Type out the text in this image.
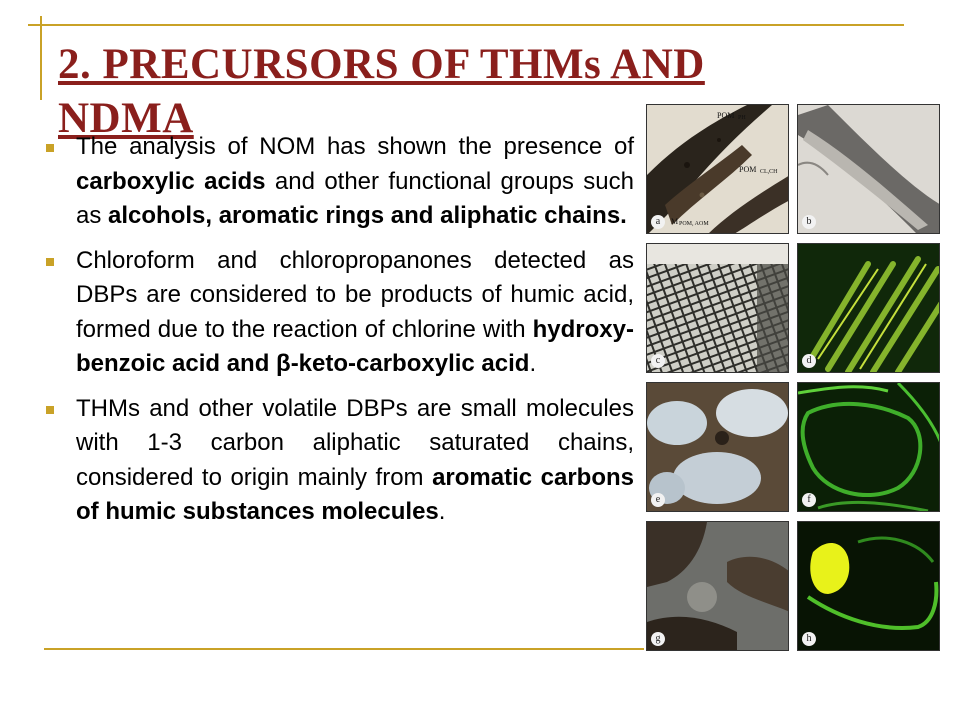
2. PRECURSORS OF THMs AND
NDMA

The analysis of NOM has shown the presence of carboxylic acids and other functional groups such as alcohols, aromatic rings and aliphatic chains.

Chloroform and chloropropanones detected as DBPs are considered to be products of humic acid, formed due to the reaction of chlorine with hydroxy-benzoic acid and β-keto-carboxylic acid.

THMs and other volatile DBPs are small molecules with 1-3 carbon aliphatic saturated chains, considered to origin mainly from aromatic carbons of humic substances molecules.

POM PH
POM CL,CH
M POM, AOM
a	b
c	d
e	f
g	h
